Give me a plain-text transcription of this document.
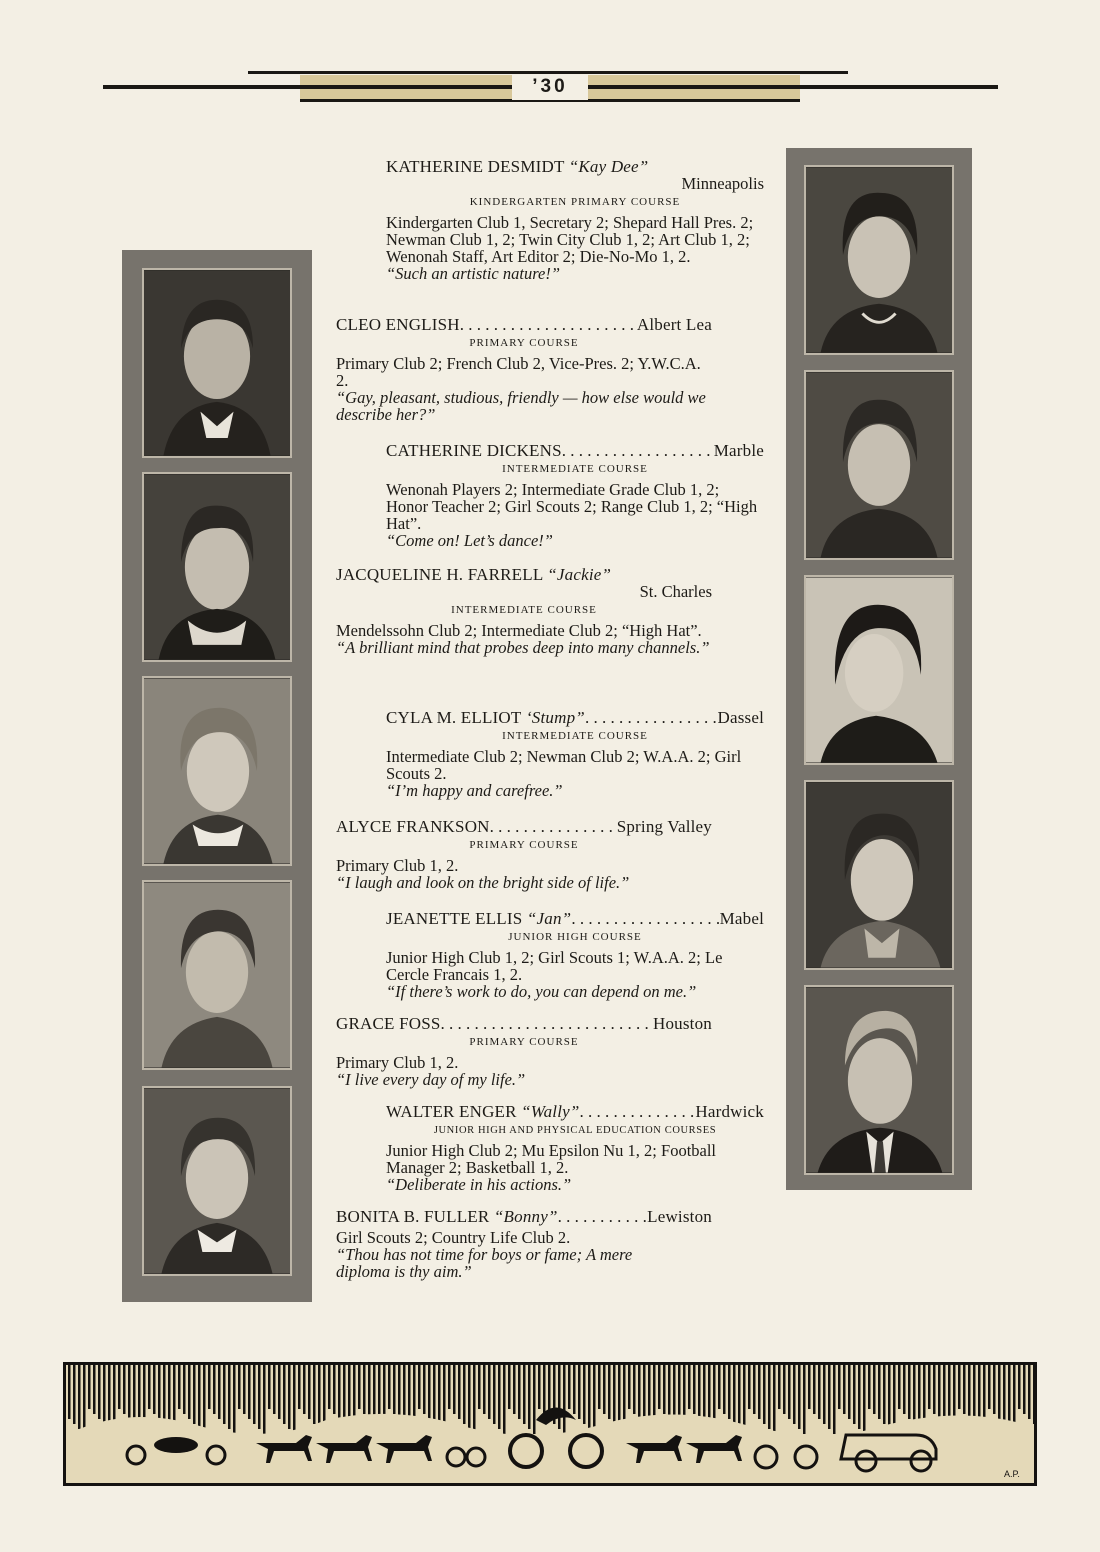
’30
KATHERINE DESMIDT “Kay Dee”
Minneapolis
KINDERGARTEN PRIMARY COURSE

Kindergarten Club 1, Secretary 2; Shepard Hall Pres. 2; Newman Club 1, 2; Twin City Club 1, 2; Art Club 1, 2; Wenonah Staff, Art Editor 2; Die-No-Mo 1, 2.

“Such an artistic nature!”

CLEO ENGLISH . . .	Albert Lea
PRIMARY COURSE

Primary Club 2; French Club 2, Vice-Pres. 2; Y.W.C.A. 2.

“Gay, pleasant, studious, friendly — how else would we describe her?”

CATHERINE DICKENS . . .	Marble
INTERMEDIATE COURSE

Wenonah Players 2; Intermediate Grade Club 1, 2; Honor Teacher 2; Girl Scouts 2; Range Club 1, 2; “High Hat”.

“Come on! Let’s dance!”

JACQUELINE H. FARRELL “Jackie”
St. Charles
INTERMEDIATE COURSE

Mendelssohn Club 2; Intermediate Club 2; “High Hat”.

“A brilliant mind that probes deep into many channels.”

CYLA M. ELLIOT
‘Stump” . . .	Dassel
INTERMEDIATE COURSE

Intermediate Club 2; Newman Club 2; W.A.A. 2; Girl Scouts 2.

“I’m happy and carefree.”

ALYCE FRANKSON . . .	Spring Valley
PRIMARY COURSE

Primary Club 1, 2.

“I laugh and look on the bright side of life.”

JEANETTE ELLIS
“Jan” . . .	Mabel
JUNIOR HIGH COURSE

Junior High Club 1, 2; Girl Scouts 1; W.A.A. 2; Le Cercle Francais 1, 2.

“If there’s work to do, you can depend on me.”

GRACE FOSS . . .	Houston
PRIMARY COURSE

Primary Club 1, 2.

“I live every day of my life.”

WALTER ENGER
“Wally” . . .	Hardwick
JUNIOR HIGH AND PHYSICAL EDUCATION COURSES

Junior High Club 2; Mu Epsilon Nu 1, 2; Football Manager 2; Basketball 1, 2.

“Deliberate in his actions.”

BONITA B. FULLER
“Bonny” . . .	Lewiston

Girl Scouts 2; Country Life Club 2.

“Thou has not time for boys or fame; A mere diploma is thy aim.”

A.P.
